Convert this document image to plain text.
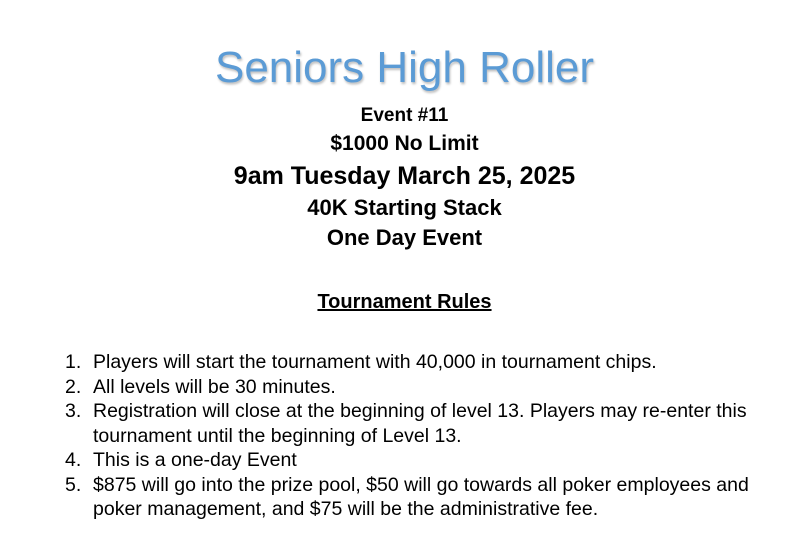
Seniors High Roller
Event #11
$1000 No Limit
9am Tuesday March 25, 2025
40K Starting Stack
One Day Event
Tournament Rules
1. Players will start the tournament with 40,000 in tournament chips.
2. All levels will be 30 minutes.
3. Registration will close at the beginning of level 13. Players may re-enter this tournament until the beginning of Level 13.
4. This is a one-day Event
5. $875 will go into the prize pool, $50 will go towards all poker employees and poker management, and $75 will be the administrative fee.
